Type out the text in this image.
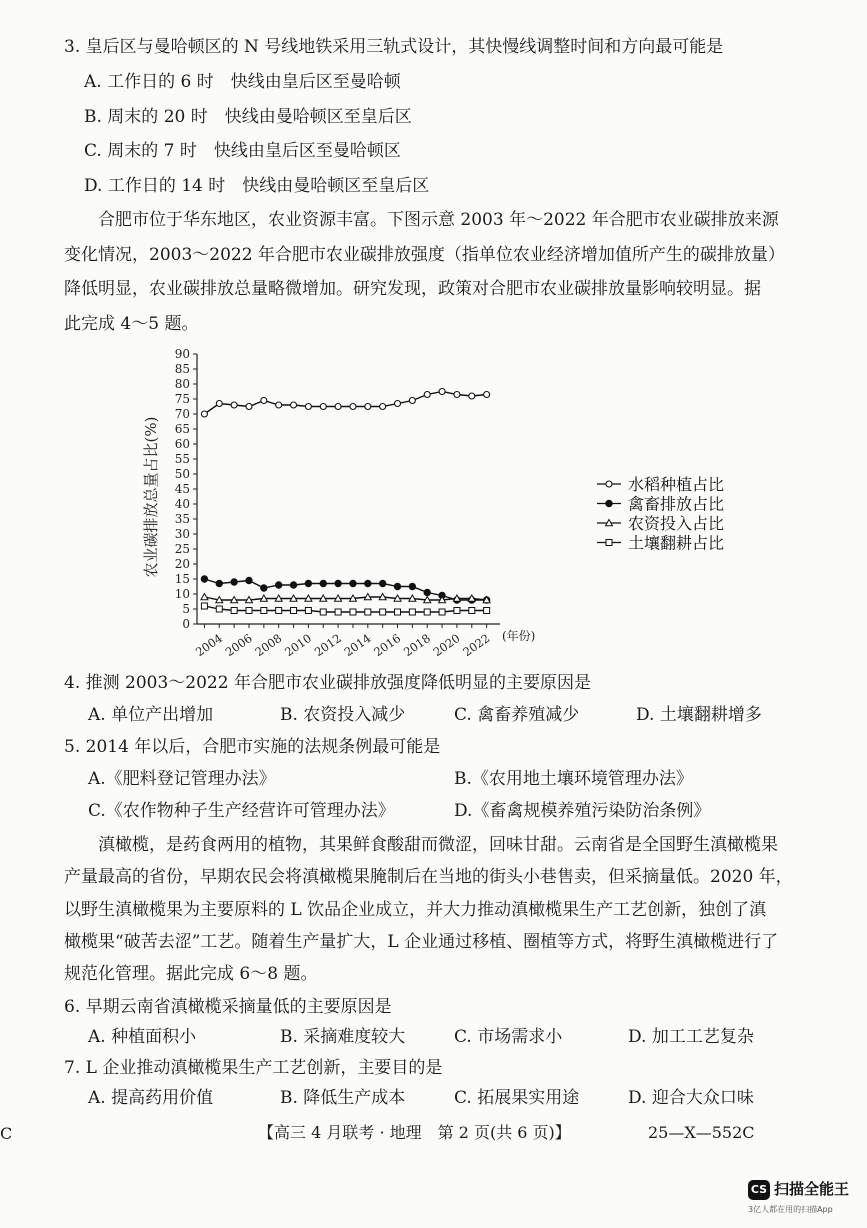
3. 皇后区与曼哈顿区的 N 号线地铁采用三轨式设计，其快慢线调整时间和方向最可能是
A. 工作日的 6 时　快线由皇后区至曼哈顿
B. 周末的 20 时　快线由曼哈顿区至皇后区
C. 周末的 7 时　快线由皇后区至曼哈顿区
D. 工作日的 14 时　快线由曼哈顿区至皇后区
　　合肥市位于华东地区，农业资源丰富。下图示意 2003 年～2022 年合肥市农业碳排放来源
变化情况，2003～2022 年合肥市农业碳排放强度（指单位农业经济增加值所产生的碳排放量）
降低明显，农业碳排放总量略微增加。研究发现，政策对合肥市农业碳排放量影响较明显。据
此完成 4～5 题。
0
5
10
15
20
25
30
35
40
45
50
55
60
65
70
75
80
85
90
2004
2006
2008
2010
2012
2014
2016
2018
2020
2022 (年份)
农业碳排放总量占比(%)	水稻种植占比
禽畜排放占比
农资投入占比
土壤翻耕占比
4. 推测 2003～2022 年合肥市农业碳排放强度降低明显的主要原因是
A. 单位产出增加	B. 农资投入减少	C. 禽畜养殖减少	D. 土壤翻耕增多
5. 2014 年以后，合肥市实施的法规条例最可能是
A.《肥料登记管理办法》	B.《农用地土壤环境管理办法》
C.《农作物种子生产经营许可管理办法》	D.《畜禽规模养殖污染防治条例》
　　滇橄榄，是药食两用的植物，其果鲜食酸甜而微涩，回味甘甜。云南省是全国野生滇橄榄果
产量最高的省份，早期农民会将滇橄榄果腌制后在当地的街头小巷售卖，但采摘量低。2020 年，
以野生滇橄榄果为主要原料的 L 饮品企业成立，并大力推动滇橄榄果生产工艺创新，独创了滇
橄榄果“破苦去涩”工艺。随着生产量扩大，L 企业通过移植、圈植等方式，将野生滇橄榄进行了
规范化管理。据此完成 6～8 题。
6. 早期云南省滇橄榄采摘量低的主要原因是
A. 种植面积小	B. 采摘难度较大	C. 市场需求小	D. 加工工艺复杂
7. L 企业推动滇橄榄果生产工艺创新，主要目的是
A. 提高药用价值	B. 降低生产成本	C. 拓展果实用途	D. 迎合大众口味
【高三 4 月联考 · 地理　第 2 页(共 6 页)】	25—X—552C
C
CS 扫描全能王
3亿人都在用的扫描App
